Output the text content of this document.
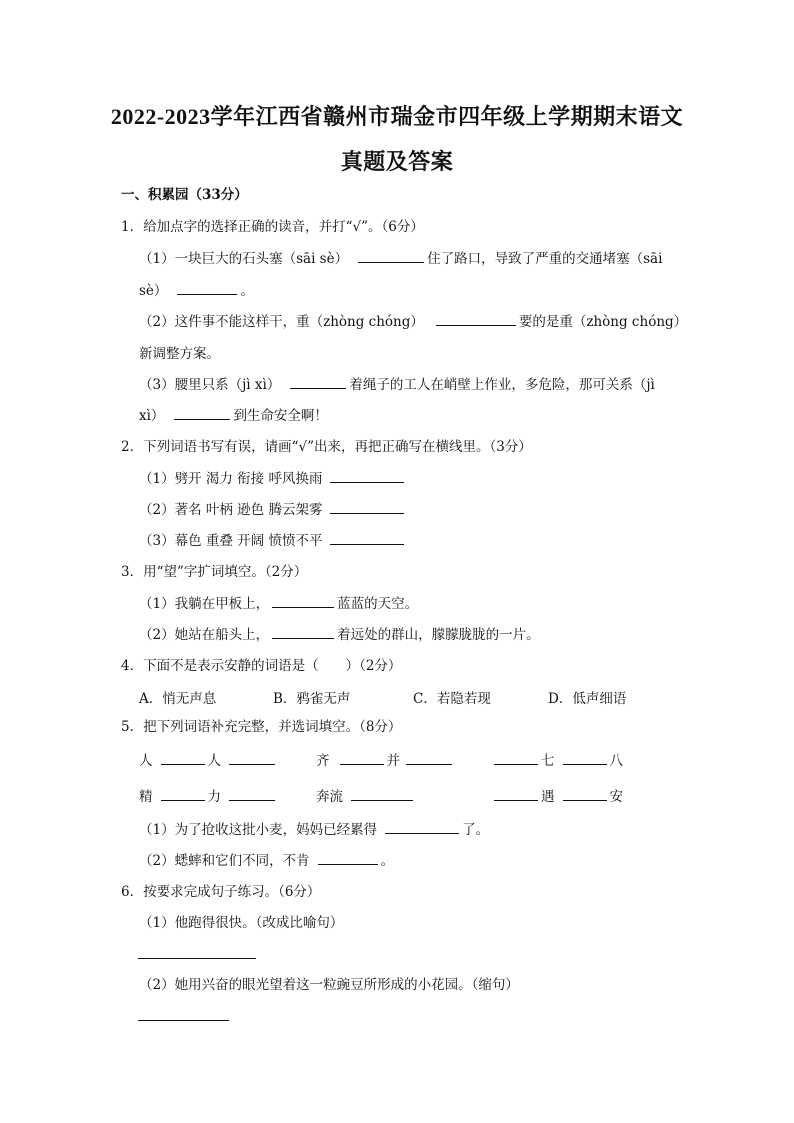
2022-2023学年江西省赣州市瑞金市四年级上学期期末语文
真题及答案
一、积累园（33分）
1．给加点字的选择正确的读音，并打“√”。（6分）
（1）一块巨大的石头塞（sāi sè）	住了路口，导致了严重的交通堵塞（sāi
sè）	。
（2）这件事不能这样干，重（zhòng chóng）	要的是重（zhòng chóng）
新调整方案。
（3）腰里只系（jì xì）	着绳子的工人在峭壁上作业，多危险，那可关系（jì
xì）	到生命安全啊！
2．下列词语书写有误，请画“√”出来，再把正确写在横线里。（3分）
（1）劈开 渴力 衔接 呼风换雨
（2）著名 叶柄 逊色 腾云架雾
（3）幕色 重叠 开阔 愤愤不平
3．用“望”字扩词填空。（2分）
（1）我躺在甲板上，	蓝蓝的天空。
（2）她站在船头上，	着远处的群山，朦朦胧胧的一片。
4．下面不是表示安静的词语是（　　）（2分）
A．悄无声息	B．鸦雀无声	C．若隐若现	D．低声细语
5．把下列词语补充完整，并选词填空。（8分）
人	人	齐	并	七	八
精	力	奔流	遇	安
（1）为了抢收这批小麦，妈妈已经累得	了。
（2）蟋蟀和它们不同，不肯	。
6．按要求完成句子练习。（6分）
（1）他跑得很快。（改成比喻句）
（2）她用兴奋的眼光望着这一粒豌豆所形成的小花园。（缩句）
